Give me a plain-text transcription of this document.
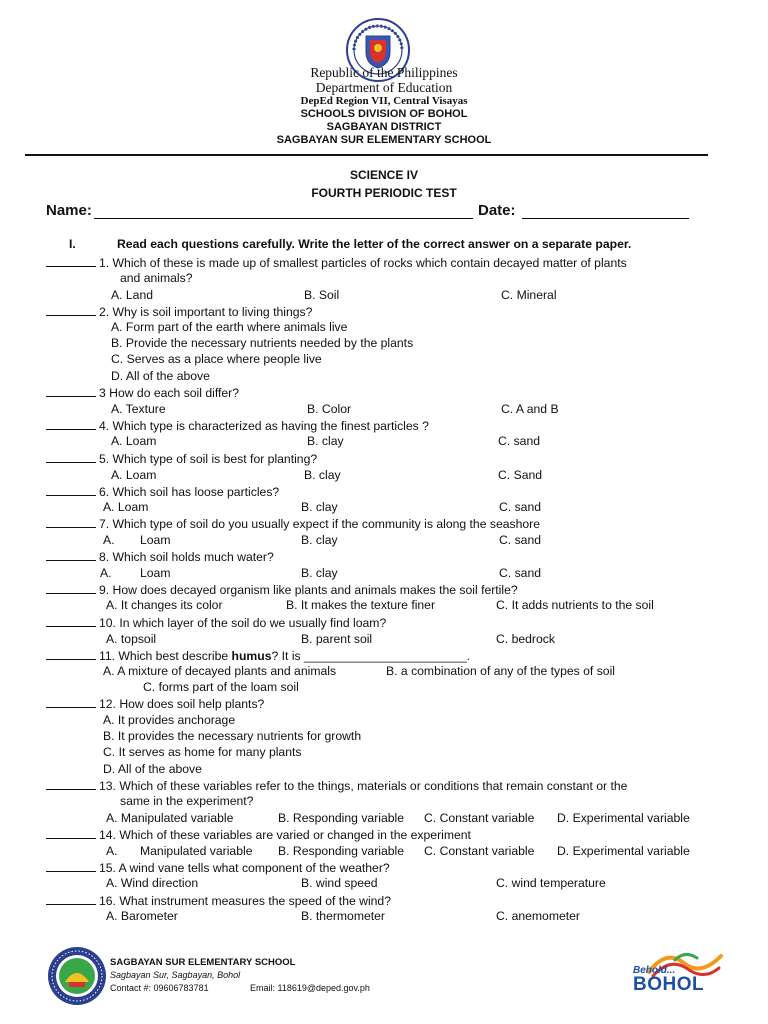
Republic of the Philippines
Department of Education
DepEd Region VII, Central Visayas
SCHOOLS DIVISION OF BOHOL
SAGBAYAN DISTRICT
SAGBAYAN SUR ELEMENTARY SCHOOL
SCIENCE IV
FOURTH PERIODIC TEST
Name:	Date:
I.	Read each questions carefully. Write the letter of the correct answer on a separate paper.
1. Which of these is made up of smallest particles of rocks which contain decayed matter of plants
and animals?
A. Land	B. Soil	C. Mineral
2. Why is soil important to living things?
A. Form part of the earth where animals live
B. Provide the necessary nutrients needed by the plants
C. Serves as a place where people live
D. All of the above
3 How do each soil differ?
A. Texture	B. Color	C. A and B
4. Which type is characterized as having the finest particles ?
A. Loam	B. clay	C. sand
5. Which type of soil is best for planting?
A. Loam	B. clay	C. Sand
6. Which soil has loose particles?
A. Loam	B. clay	C. sand
7. Which type of soil do you usually expect if the community is along the seashore
A. Loam	B. clay	C. sand
8. Which soil holds much water?
A. Loam	B. clay	C. sand
9. How does decayed organism like plants and animals makes the soil fertile?
A. It changes its color	B. It makes the texture finer	C. It adds nutrients to the soil
10. In which layer of the soil do we usually find loam?
A. topsoil	B. parent soil	C. bedrock
11. Which best describe humus? It is ________________________.
A. A mixture of decayed plants and animals	B. a combination of any of the types of soil
C. forms part of the loam soil
12. How does soil help plants?
A. It provides anchorage
B. It provides the necessary nutrients for growth
C. It serves as home for many plants
D. All of the above
13. Which of these variables refer to the things, materials or conditions that remain constant or the
same in the experiment?
A. Manipulated variable	B. Responding variable C. Constant variable D. Experimental variable
14. Which of these variables are varied or changed in the experiment
A. Manipulated variable B. Responding variable C. Constant variable D. Experimental variable
15. A wind vane tells what component of the weather?
A. Wind direction	B. wind speed	C. wind temperature
16. What instrument measures the speed of the wind?
A. Barometer	B. thermometer	C. anemometer
SAGBAYAN SUR ELEMENTARY SCHOOL
Sagbayan Sur, Sagbayan, Bohol
Contact #: 09606783781	Email: 118619@deped.gov.ph
Behold...
BOHOL
